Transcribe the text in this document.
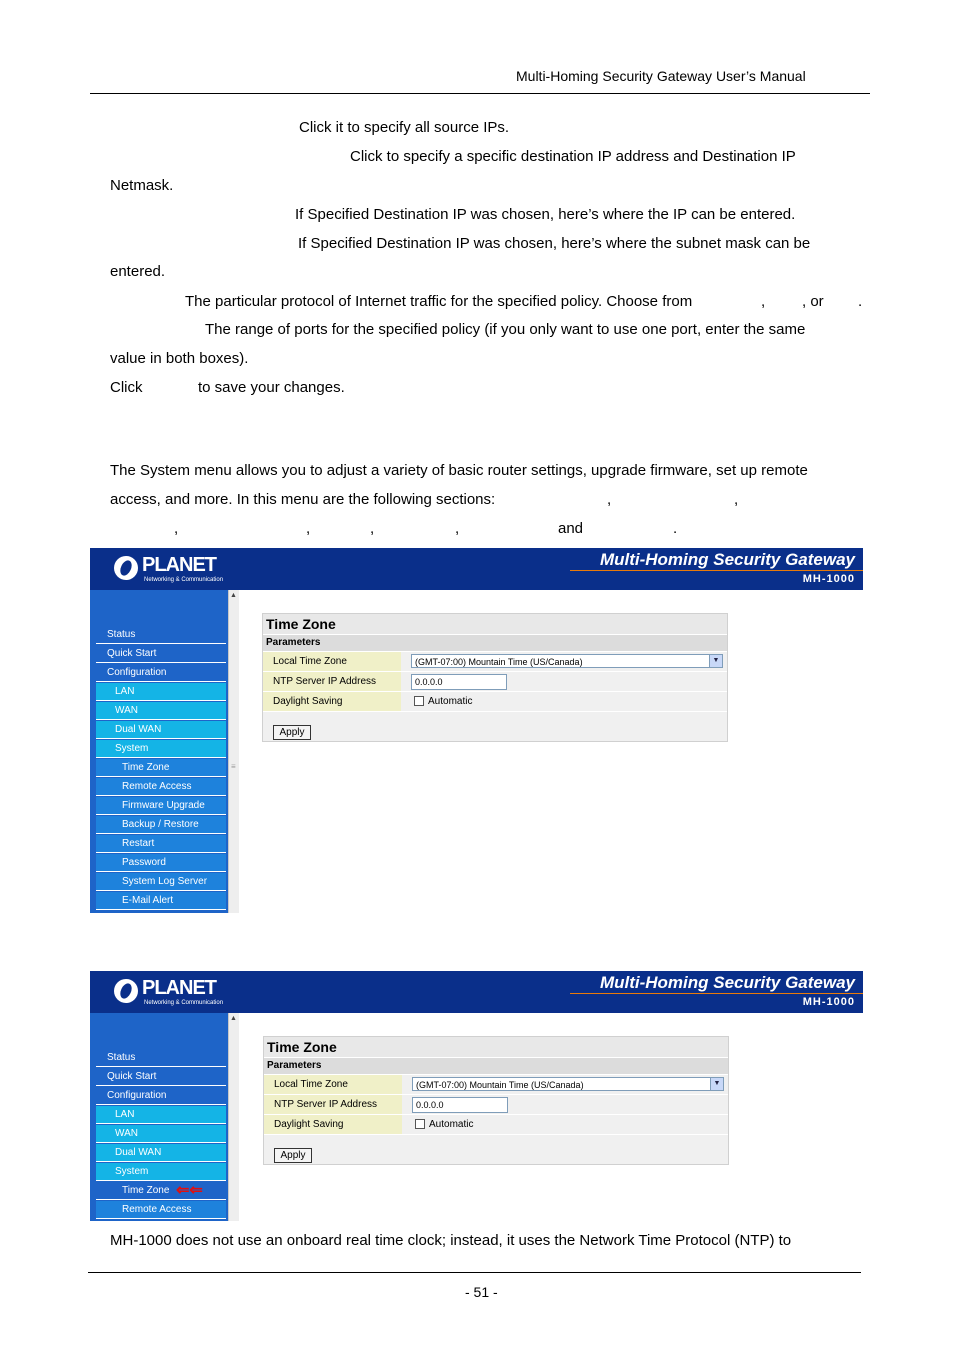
Multi-Homing Security Gateway User’s Manual
Click it to specify all source IPs.
Click to specify a specific destination IP address and Destination IP
Netmask.
If Specified Destination IP was chosen, here’s where the IP can be entered.
If Specified Destination IP was chosen, here’s where the subnet mask can be
entered.
The particular protocol of Internet traffic for the specified policy. Choose from	, , or .
The range of ports for the specified policy (if you only want to use one port, enter the same
value in both boxes).
Click	to save your changes.
The System menu allows you to adjust a variety of basic router settings, upgrade firmware, set up remote
access, and more. In this menu are the following sections:	,	,
,	,	,	,	and	.
PLANET
Networking & Communication
Multi-Homing Security Gateway
MH-1000
▲
≡
Status
Quick Start
Configuration
LAN
WAN
Dual WAN
System
Time Zone
Remote Access
Firmware Upgrade
Backup / Restore
Restart
Password
System Log Server
E-Mail Alert
Time Zone
Parameters
Local Time Zone	(GMT-07:00) Mountain Time (US/Canada)	▼
NTP Server IP Address	0.0.0.0
Daylight Saving	Automatic
Apply
PLANET
Networking & Communication
Multi-Homing Security Gateway
MH-1000
▲
Status
Quick Start
Configuration
LAN
WAN
Dual WAN
System
Time Zone ⇐⇐
Remote Access
Time Zone
Parameters
Local Time Zone	(GMT-07:00) Mountain Time (US/Canada)	▼
NTP Server IP Address	0.0.0.0
Daylight Saving	Automatic
Apply
MH-1000 does not use an onboard real time clock; instead, it uses the Network Time Protocol (NTP) to
- 51 -
